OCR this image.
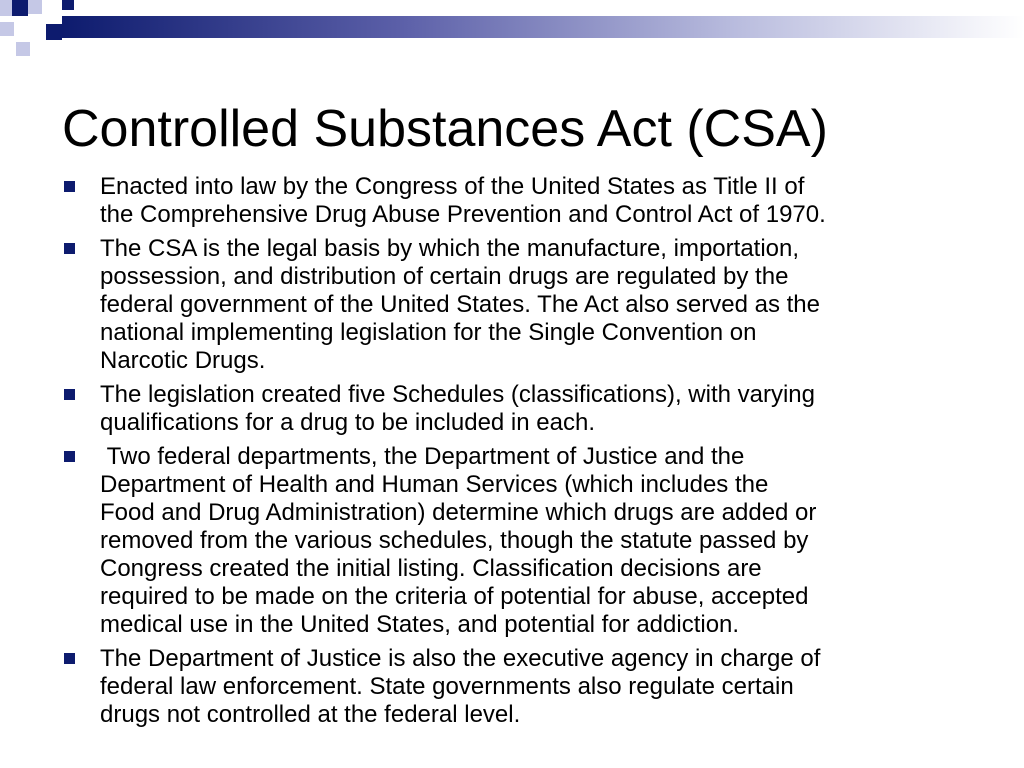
Controlled Substances Act (CSA)
Enacted into law by the Congress of the United States as Title II of
the Comprehensive Drug Abuse Prevention and Control Act of 1970.
The CSA is the legal basis by which the manufacture, importation,
possession, and distribution of certain drugs are regulated by the
federal government of the United States. The Act also served as the
national implementing legislation for the Single Convention on
Narcotic Drugs.
The legislation created five Schedules (classifications), with varying
qualifications for a drug to be included in each.
Two federal departments, the Department of Justice and the
Department of Health and Human Services (which includes the
Food and Drug Administration) determine which drugs are added or
removed from the various schedules, though the statute passed by
Congress created the initial listing. Classification decisions are
required to be made on the criteria of potential for abuse, accepted
medical use in the United States, and potential for addiction.
The Department of Justice is also the executive agency in charge of
federal law enforcement. State governments also regulate certain
drugs not controlled at the federal level.
